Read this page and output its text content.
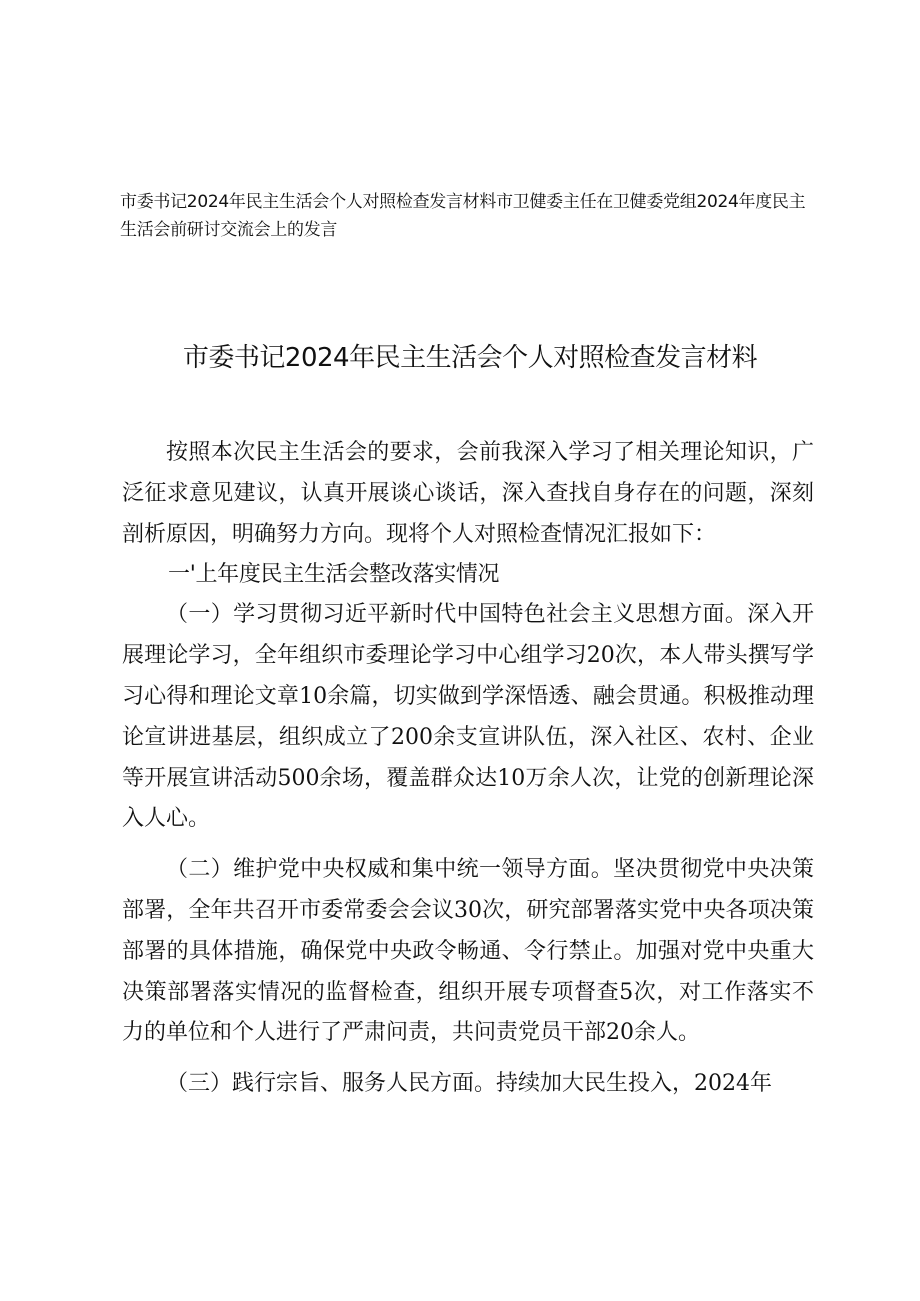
市委书记2024年民主生活会个人对照检查发言材料市卫健委主任在卫健委党组2024年度民主生活会前研讨交流会上的发言

市委书记2024年民主生活会个人对照检查发言材料

按照本次民主生活会的要求，会前我深入学习了相关理论知识，广泛征求意见建议，认真开展谈心谈话，深入查找自身存在的问题，深刻剖析原因，明确努力方向。现将个人对照检查情况汇报如下：

一'上年度民主生活会整改落实情况

（一）学习贯彻习近平新时代中国特色社会主义思想方面。深入开展理论学习，全年组织市委理论学习中心组学习20次，本人带头撰写学习心得和理论文章10余篇，切实做到学深悟透、融会贯通。积极推动理论宣讲进基层，组织成立了200余支宣讲队伍，深入社区、农村、企业等开展宣讲活动500余场，覆盖群众达10万余人次，让党的创新理论深入人心。

（二）维护党中央权威和集中统一领导方面。坚决贯彻党中央决策部署，全年共召开市委常委会会议30次，研究部署落实党中央各项决策部署的具体措施，确保党中央政令畅通、令行禁止。加强对党中央重大决策部署落实情况的监督检查，组织开展专项督查5次，对工作落实不力的单位和个人进行了严肃问责，共问责党员干部20余人。

（三）践行宗旨、服务人民方面。持续加大民生投入，2024年
